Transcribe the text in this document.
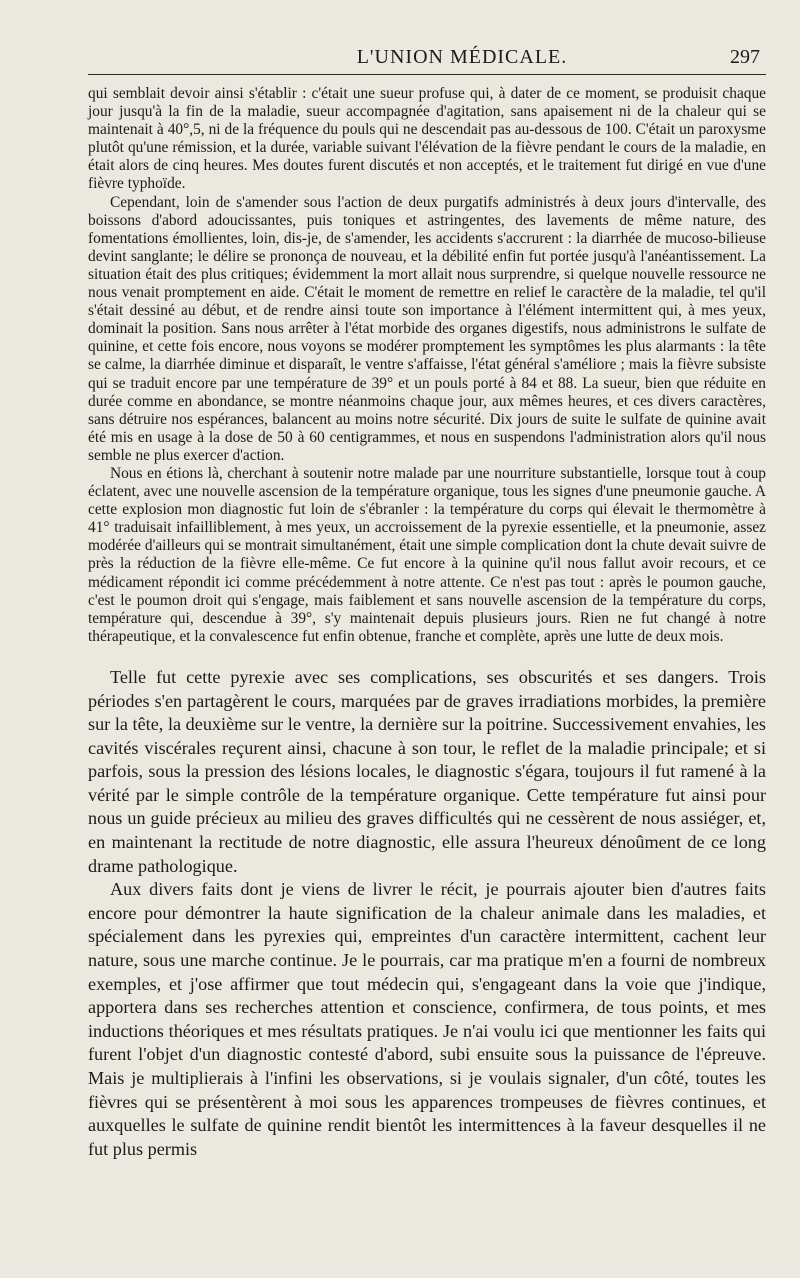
L'UNION MÉDICALE.	297

qui semblait devoir ainsi s'établir : c'était une sueur profuse qui, à dater de ce moment, se produisit chaque jour jusqu'à la fin de la maladie, sueur accompagnée d'agitation, sans apaisement ni de la chaleur qui se maintenait à 40°,5, ni de la fréquence du pouls qui ne descendait pas au-dessous de 100. C'était un paroxysme plutôt qu'une rémission, et la durée, variable suivant l'élévation de la fièvre pendant le cours de la maladie, en était alors de cinq heures. Mes doutes furent discutés et non acceptés, et le traitement fut dirigé en vue d'une fièvre typhoïde.

Cependant, loin de s'amender sous l'action de deux purgatifs administrés à deux jours d'intervalle, des boissons d'abord adoucissantes, puis toniques et astringentes, des lavements de même nature, des fomentations émollientes, loin, dis-je, de s'amender, les accidents s'accrurent : la diarrhée de mucoso-bilieuse devint sanglante; le délire se prononça de nouveau, et la débilité enfin fut portée jusqu'à l'anéantissement. La situation était des plus critiques; évidemment la mort allait nous surprendre, si quelque nouvelle ressource ne nous venait promptement en aide. C'était le moment de remettre en relief le caractère de la maladie, tel qu'il s'était dessiné au début, et de rendre ainsi toute son importance à l'élément intermittent qui, à mes yeux, dominait la position. Sans nous arrêter à l'état morbide des organes digestifs, nous administrons le sulfate de quinine, et cette fois encore, nous voyons se modérer promptement les symptômes les plus alarmants : la tête se calme, la diarrhée diminue et disparaît, le ventre s'affaisse, l'état général s'améliore ; mais la fièvre subsiste qui se traduit encore par une température de 39° et un pouls porté à 84 et 88. La sueur, bien que réduite en durée comme en abondance, se montre néanmoins chaque jour, aux mêmes heures, et ces divers caractères, sans détruire nos espérances, balancent au moins notre sécurité. Dix jours de suite le sulfate de quinine avait été mis en usage à la dose de 50 à 60 centigrammes, et nous en suspendons l'administration alors qu'il nous semble ne plus exercer d'action.

Nous en étions là, cherchant à soutenir notre malade par une nourriture substantielle, lorsque tout à coup éclatent, avec une nouvelle ascension de la température organique, tous les signes d'une pneumonie gauche. A cette explosion mon diagnostic fut loin de s'ébranler : la température du corps qui élevait le thermomètre à 41° traduisait infailliblement, à mes yeux, un accroissement de la pyrexie essentielle, et la pneumonie, assez modérée d'ailleurs qui se montrait simultanément, était une simple complication dont la chute devait suivre de près la réduction de la fièvre elle-même. Ce fut encore à la quinine qu'il nous fallut avoir recours, et ce médicament répondit ici comme précédemment à notre attente. Ce n'est pas tout : après le poumon gauche, c'est le poumon droit qui s'engage, mais faiblement et sans nouvelle ascension de la température du corps, température qui, descendue à 39°, s'y maintenait depuis plusieurs jours. Rien ne fut changé à notre thérapeutique, et la convalescence fut enfin obtenue, franche et complète, après une lutte de deux mois.

Telle fut cette pyrexie avec ses complications, ses obscurités et ses dangers. Trois périodes s'en partagèrent le cours, marquées par de graves irradiations morbides, la première sur la tête, la deuxième sur le ventre, la dernière sur la poitrine. Successivement envahies, les cavités viscérales reçurent ainsi, chacune à son tour, le reflet de la maladie principale; et si parfois, sous la pression des lésions locales, le diagnostic s'égara, toujours il fut ramené à la vérité par le simple contrôle de la température organique. Cette température fut ainsi pour nous un guide précieux au milieu des graves difficultés qui ne cessèrent de nous assiéger, et, en maintenant la rectitude de notre diagnostic, elle assura l'heureux dénoûment de ce long drame pathologique.

Aux divers faits dont je viens de livrer le récit, je pourrais ajouter bien d'autres faits encore pour démontrer la haute signification de la chaleur animale dans les maladies, et spécialement dans les pyrexies qui, empreintes d'un caractère intermittent, cachent leur nature, sous une marche continue. Je le pourrais, car ma pratique m'en a fourni de nombreux exemples, et j'ose affirmer que tout médecin qui, s'engageant dans la voie que j'indique, apportera dans ses recherches attention et conscience, confirmera, de tous points, et mes inductions théoriques et mes résultats pratiques. Je n'ai voulu ici que mentionner les faits qui furent l'objet d'un diagnostic contesté d'abord, subi ensuite sous la puissance de l'épreuve. Mais je multiplierais à l'infini les observations, si je voulais signaler, d'un côté, toutes les fièvres qui se présentèrent à moi sous les apparences trompeuses de fièvres continues, et auxquelles le sulfate de quinine rendit bientôt les intermittences à la faveur desquelles il ne fut plus permis
